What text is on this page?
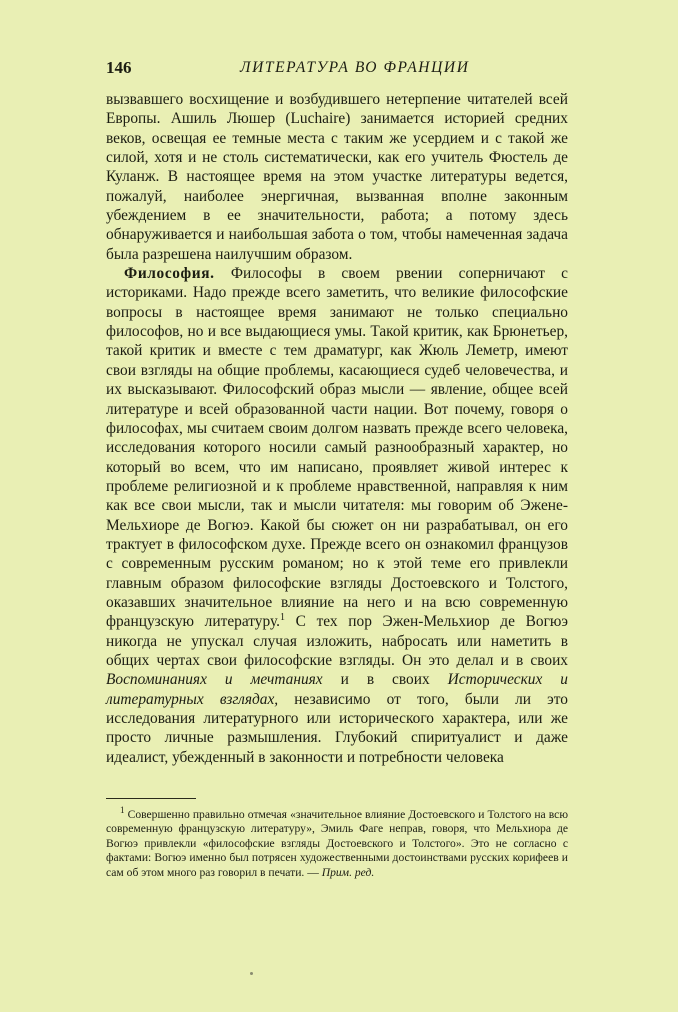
146	ЛИТЕРАТУРА ВО ФРАНЦИИ

вызвавшего восхищение и возбудившего нетерпение читателей всей Европы. Ашиль Люшер (Luchaire) занимается историей средних веков, освещая ее темные места с таким же усердием и с такой же силой, хотя и не столь систематически, как его учитель Фюстель де Куланж. В настоящее время на этом участке литературы ведется, пожалуй, наиболее энергичная, вызванная вполне законным убеждением в ее значительности, работа; а потому здесь обнаруживается и наибольшая забота о том, чтобы намеченная задача была разрешена наилучшим образом.

Философия. Философы в своем рвении соперничают с историками. Надо прежде всего заметить, что великие философские вопросы в настоящее время занимают не только специально философов, но и все выдающиеся умы. Такой критик, как Брюнетьер, такой критик и вместе с тем драматург, как Жюль Леметр, имеют свои взгляды на общие проблемы, касающиеся судеб человечества, и их высказывают. Философский образ мысли — явление, общее всей литературе и всей образованной части нации. Вот почему, говоря о философах, мы считаем своим долгом назвать прежде всего человека, исследования которого носили самый разнообразный характер, но который во всем, что им написано, проявляет живой интерес к проблеме религиозной и к проблеме нравственной, направляя к ним как все свои мысли, так и мысли читателя: мы говорим об Эжене-Мельхиоре де Вогюэ. Какой бы сюжет он ни разрабатывал, он его трактует в философском духе. Прежде всего он ознакомил французов с современным русским романом; но к этой теме его привлекли главным образом философские взгляды Достоевского и Толстого, оказавших значительное влияние на него и на всю современную французскую литературу.$^1$ С тех пор Эжен-Мельхиор де Вогюэ никогда не упускал случая изложить, набросать или наметить в общих чертах свои философские взгляды. Он это делал и в своих Воспоминаниях и мечтаниях и в своих Исторических и литературных взглядах, независимо от того, были ли это исследования литературного или исторического характера, или же просто личные размышления. Глубокий спиритуалист и даже идеалист, убежденный в законности и потребности человека

$^1$ Совершенно правильно отмечая «значительное влияние Достоевского и Толстого на всю современную французскую литературу», Эмиль Фаге неправ, говоря, что Мельхиора де Вогюэ привлекли «философские взгляды Достоевского и Толстого». Это не согласно с фактами: Вогюэ именно был потрясен художественными достоинствами русских корифеев и сам об этом много раз говорил в печати. — Прим. ред.
